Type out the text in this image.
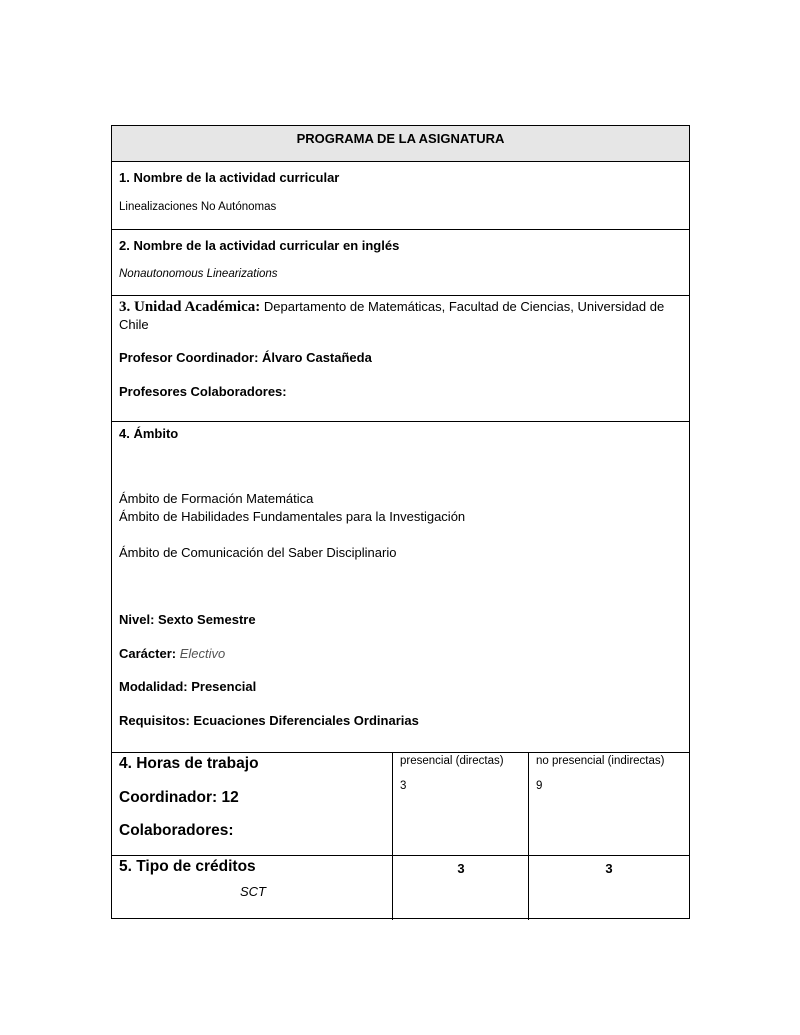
PROGRAMA DE LA ASIGNATURA
1. Nombre de la actividad curricular
Linealizaciones No Autónomas
2. Nombre de la actividad curricular en inglés
Nonautonomous Linearizations
3. Unidad Académica: Departamento de Matemáticas, Facultad de Ciencias, Universidad de
Chile
Profesor Coordinador: Álvaro Castañeda
Profesores Colaboradores:
4. Ámbito
Ámbito de Formación Matemática
Ámbito de Habilidades Fundamentales para la Investigación
Ámbito de Comunicación del Saber Disciplinario
Nivel: Sexto Semestre
Carácter: Electivo
Modalidad: Presencial
Requisitos: Ecuaciones Diferenciales Ordinarias
4. Horas de trabajo
Coordinador: 12
Colaboradores:
presencial (directas)
3
no presencial (indirectas)
9
5. Tipo de créditos
SCT
3	3
